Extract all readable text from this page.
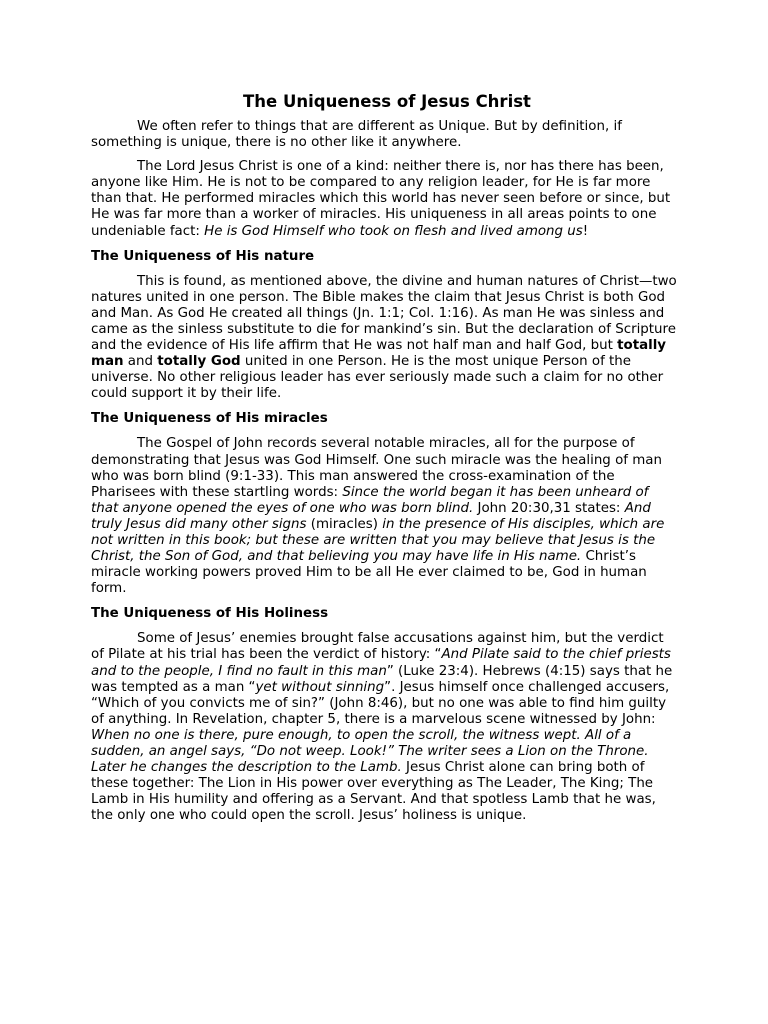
The Uniqueness of Jesus Christ

We often refer to things that are different as Unique. But by definition, if something is unique, there is no other like it anywhere.

The Lord Jesus Christ is one of a kind: neither there is, nor has there has been, anyone like Him. He is not to be compared to any religion leader, for He is far more than that. He performed miracles which this world has never seen before or since, but He was far more than a worker of miracles. His uniqueness in all areas points to one undeniable fact: He is God Himself who took on flesh and lived among us!

The Uniqueness of His nature

This is found, as mentioned above, the divine and human natures of Christ—two natures united in one person. The Bible makes the claim that Jesus Christ is both God and Man. As God He created all things (Jn. 1:1; Col. 1:16). As man He was sinless and came as the sinless substitute to die for mankind’s sin. But the declaration of Scripture and the evidence of His life affirm that He was not half man and half God, but totally man and totally God united in one Person. He is the most unique Person of the universe. No other religious leader has ever seriously made such a claim for no other could support it by their life.

The Uniqueness of His miracles

The Gospel of John records several notable miracles, all for the purpose of demonstrating that Jesus was God Himself. One such miracle was the healing of man who was born blind (9:1-33). This man answered the cross-examination of the Pharisees with these startling words: Since the world began it has been unheard of that anyone opened the eyes of one who was born blind. John 20:30,31 states: And truly Jesus did many other signs (miracles) in the presence of His disciples, which are not written in this book; but these are written that you may believe that Jesus is the Christ, the Son of God, and that believing you may have life in His name. Christ’s miracle working powers proved Him to be all He ever claimed to be, God in human form.

The Uniqueness of His Holiness

Some of Jesus’ enemies brought false accusations against him, but the verdict of Pilate at his trial has been the verdict of history: “And Pilate said to the chief priests and to the people, I find no fault in this man” (Luke 23:4). Hebrews (4:15) says that he was tempted as a man “yet without sinning”. Jesus himself once challenged accusers, “Which of you convicts me of sin?” (John 8:46), but no one was able to find him guilty of anything. In Revelation, chapter 5, there is a marvelous scene witnessed by John: When no one is there, pure enough, to open the scroll, the witness wept. All of a sudden, an angel says, “Do not weep. Look!” The writer sees a Lion on the Throne. Later he changes the description to the Lamb. Jesus Christ alone can bring both of these together: The Lion in His power over everything as The Leader, The King; The Lamb in His humility and offering as a Servant. And that spotless Lamb that he was, the only one who could open the scroll. Jesus’ holiness is unique.
